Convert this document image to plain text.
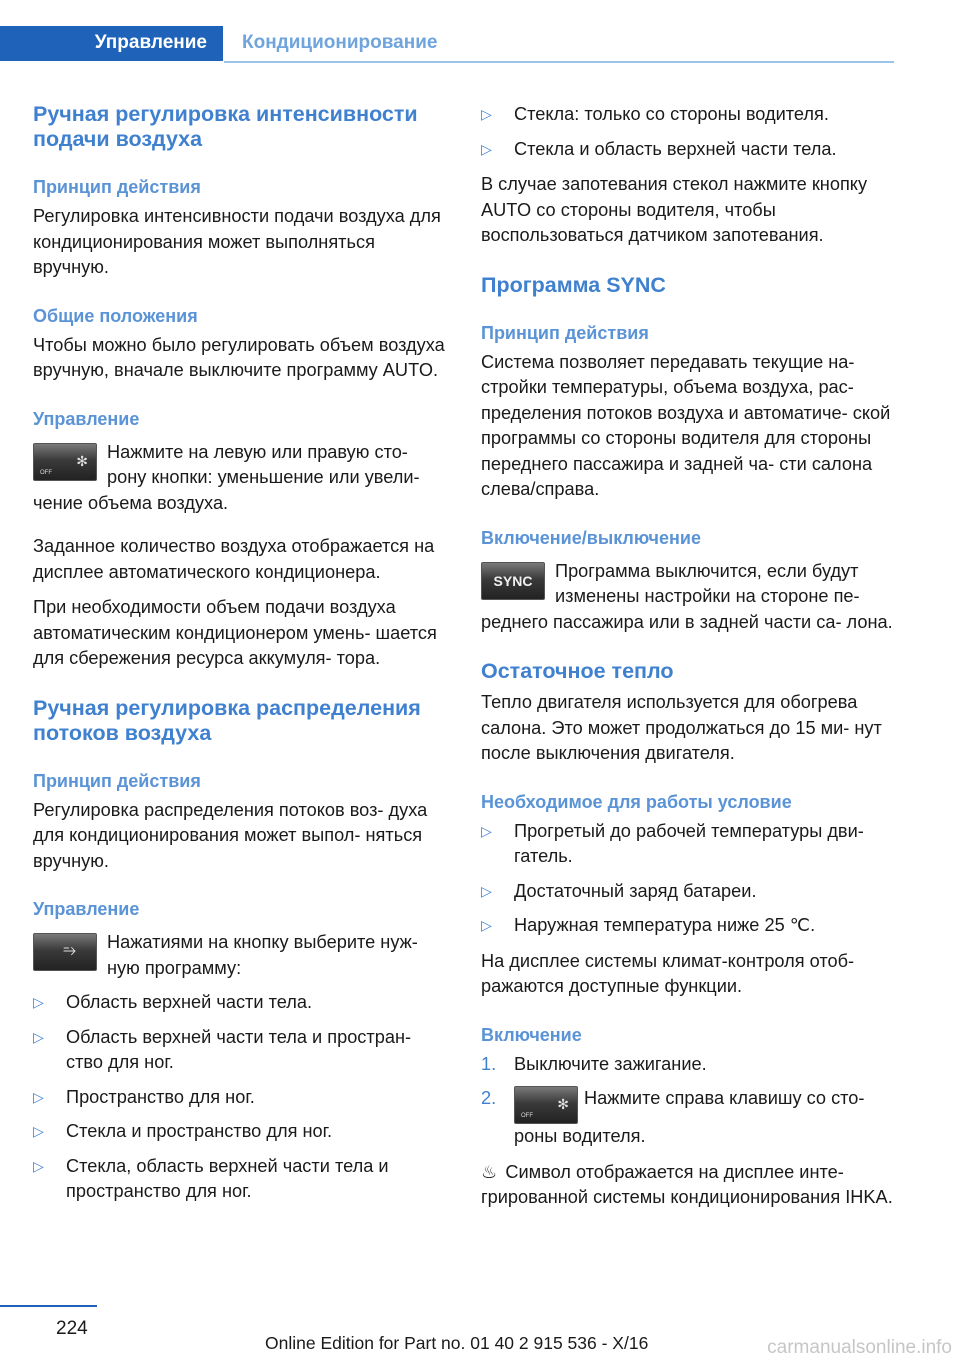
Управление Кондиционирование
Ручная регулировка интенсивности подачи воздуха
Принцип действия

Регулировка интенсивности подачи воздуха для кондиционирования может выполняться вручную.

Общие положения

Чтобы можно было регулировать объем воздуха вручную, вначале выключите программу AUTO.

Управление
OFF
✻	Нажмите на левую или правую сто- рону кнопки: уменьшение или увели- чение объема воздуха.

Заданное количество воздуха отображается на дисплее автоматического кондиционера.

При необходимости объем подачи воздуха автоматическим кондиционером умень- шается для сбережения ресурса аккумуля- тора.

Ручная регулировка распределения потоков воздуха
Принцип действия

Регулировка распределения потоков воз- духа для кондиционирования может выпол- няться вручную.

Управление
⥱	Нажатиями на кнопку выберите нуж- ную программу:

▷ Область верхней части тела.
▷ Область верхней части тела и простран- ство для ног.
▷ Пространство для ног.
▷ Стекла и пространство для ног.
▷ Стекла, область верхней части тела и пространство для ног.
▷ Стекла: только со стороны водителя.
▷ Стекла и область верхней части тела.

В случае запотевания стекол нажмите кнопку AUTO со стороны водителя, чтобы воспользоваться датчиком запотевания.

Программа SYNC
Принцип действия

Система позволяет передавать текущие на- стройки температуры, объема воздуха, рас- пределения потоков воздуха и автоматиче- ской программы со стороны водителя для стороны переднего пассажира и задней ча- сти салона слева/справа.

Включение/выключение
SYNC	Программа выключится, если будут изменены настройки на стороне пе- реднего пассажира или в задней части са- лона.

Остаточное тепло

Тепло двигателя используется для обогрева салона. Это может продолжаться до 15 ми- нут после выключения двигателя.

Необходимое для работы условие
▷ Прогретый до рабочей температуры дви- гатель.
▷ Достаточный заряд батареи.
▷ Наружная температура ниже 25 ℃.

На дисплее системы климат-контроля отоб- ражаются доступные функции.

Включение
1. Выключите зажигание.
2.
OFF
✻ Нажмите справа клавишу со сто- роны водителя.

♨ Символ отображается на дисплее инте- грированной системы кондиционирования IHKA.

224
Online Edition for Part no. 01 40 2 915 536 - X/16	carmanualsonline.info
